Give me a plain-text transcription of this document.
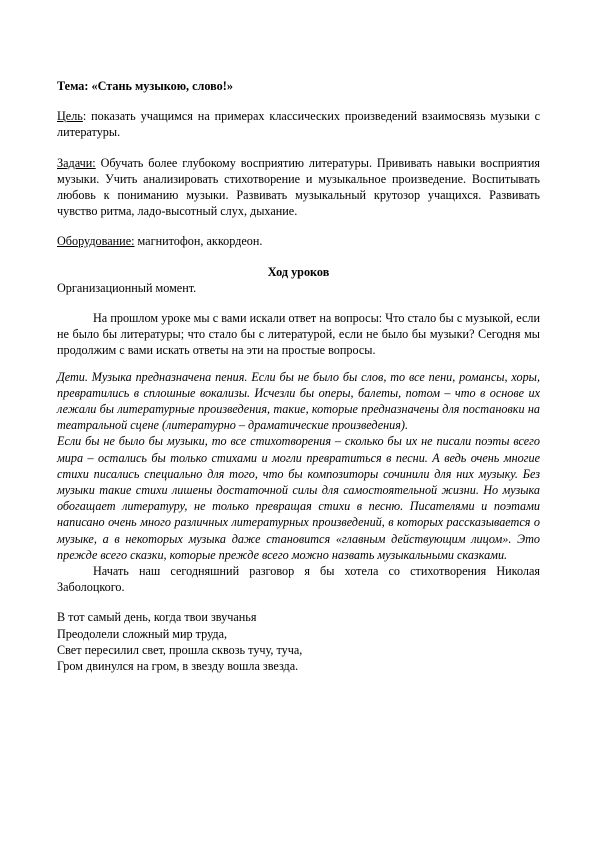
Тема: «Стань музыкою, слово!»

Цель: показать учащимся на примерах классических произведений взаимосвязь музыки с литературы.

Задачи: Обучать более глубокому восприятию литературы. Прививать навыки восприятия музыки. Учить анализировать стихотворение и музыкальное произведение. Воспитывать любовь к пониманию музыки. Развивать музыкальный крутозор учащихся. Развивать чувство ритма, ладо-высотный слух, дыхание.

Оборудование: магнитофон, аккордеон.

Ход уроков

Организационный момент.

На прошлом уроке мы с вами искали ответ на вопросы: Что стало бы с музыкой, если не было бы литературы; что стало бы с литературой, если не было бы музыки? Сегодня мы продолжим с вами искать ответы на эти на простые вопросы.

Дети. Музыка предназначена пения. Если бы не было бы слов, то все пени, романсы, хоры, превратились в сплошные вокализы. Исчезли бы оперы, балеты, потом – что в основе их лежали бы литературные произведения, такие, которые предназначены для постановки на театральной сцене (литературно – драматические произведения).

Если бы не было бы музыки, то все стихотворения – сколько бы их не писали поэты всего мира – остались бы только стихами и могли превратиться в песни. А ведь очень многие стихи писались специально для того, что бы композиторы сочинили для них музыку. Без музыки такие стихи лишены достаточной силы для самостоятельной жизни. Но музыка обогащает литературу, не только превращая стихи в песню. Писателями и поэтами написано очень много различных литературных произведений, в которых рассказывается о музыке, а в некоторых музыка даже становится «главным действующим лицом». Это прежде всего сказки, которые прежде всего можно назвать музыкальными сказками.

Начать наш сегодняшний разговор я бы хотела со стихотворения Николая Заболоцкого.

В тот самый день, когда твои звучанья

Преодолели сложный мир труда,

Свет пересилил свет, прошла сквозь тучу, туча,

Гром двинулся на гром, в звезду вошла звезда.
